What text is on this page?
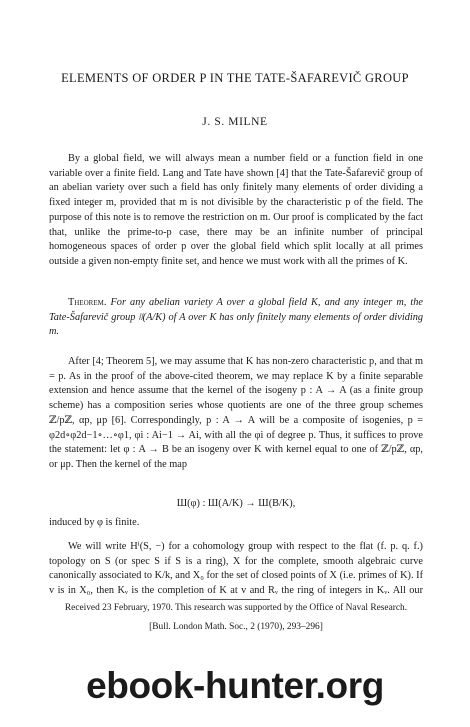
ELEMENTS OF ORDER P IN THE TATE-ŠAFAREVIČ GROUP
J. S. MILNE

By a global field, we will always mean a number field or a function field in one variable over a finite field. Lang and Tate have shown [4] that the Tate-Šafarevič group of an abelian variety over such a field has only finitely many elements of order dividing a fixed integer m, provided that m is not divisible by the characteristic p of the field. The purpose of this note is to remove the restriction on m. Our proof is complicated by the fact that, unlike the prime-to-p case, there may be an infinite number of principal homogeneous spaces of order p over the global field which split locally at all primes outside a given non-empty finite set, and hence we must work with all the primes of K.

Theorem. For any abelian variety A over a global field K, and any integer m, the Tate-Šafarevič group ⧘⧙(A/K) of A over K has only finitely many elements of order dividing m.

After [4; Theorem 5], we may assume that K has non-zero characteristic p, and that m = p. As in the proof of the above-cited theorem, we may replace K by a finite separable extension and hence assume that the kernel of the isogeny p : A → A (as a finite group scheme) has a composition series whose quotients are one of the three group schemes ℤ/pℤ, αp, μp [6]. Correspondingly, p : A → A will be a composite of isogenies, p = φ2d∘φ2d−1∘…∘φ1, φi : Ai−1 → Ai, with all the φi of degree p. Thus, it suffices to prove the statement: let φ : A → B be an isogeny over K with kernel equal to one of ℤ/pℤ, αp, or μp. Then the kernel of the map

Ш(φ) : Ш(A/K) → Ш(B/K),

induced by φ is finite.

We will write Hⁱ(S, −) for a cohomology group with respect to the flat (f. p. q. f.) topology on S (or spec S if S is a ring), X for the complete, smooth algebraic curve canonically associated to K/k, and X₀ for the set of closed points of X (i.e. primes of K). If v is in X₀, then Kᵥ is the completion of K at v and Rᵥ the ring of integers in Kᵥ. All our

Received 23 February, 1970. This research was supported by the Office of Naval Research.
[Bull. London Math. Soc., 2 (1970), 293–296]
ebook-hunter.org
